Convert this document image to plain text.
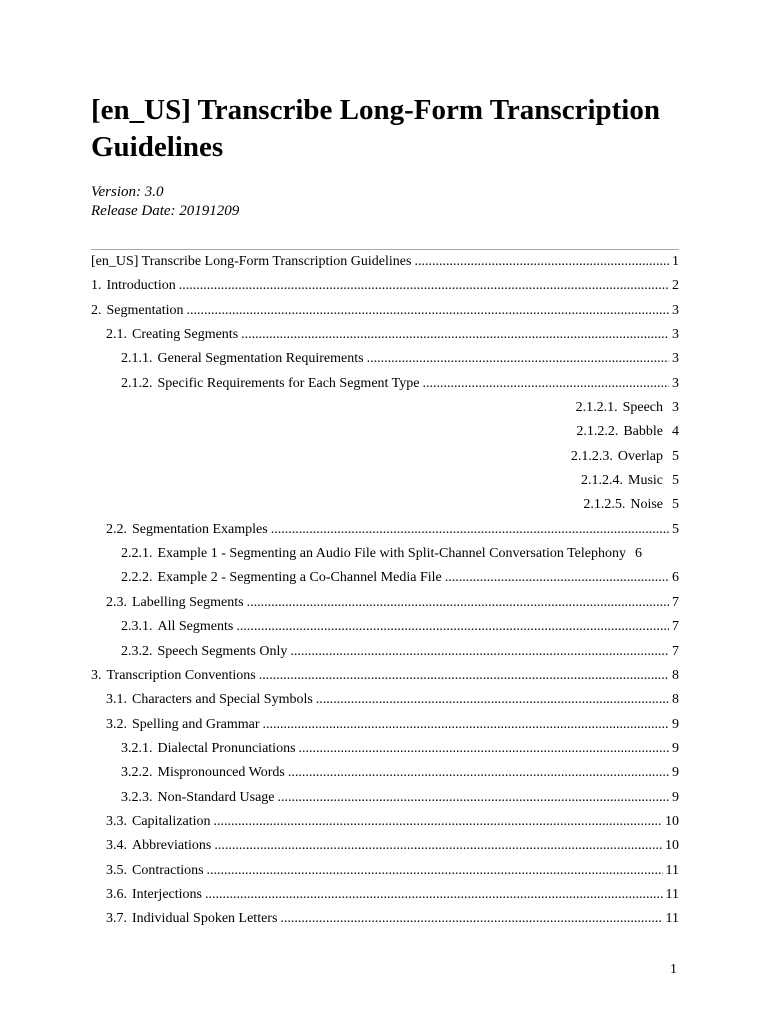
[en_US] Transcribe Long-Form Transcription Guidelines
Version: 3.0
Release Date: 20191209
[en_US] Transcribe Long-Form Transcription Guidelines .....	1
1. Introduction .....	2
2. Segmentation .....	3
2.1. Creating Segments .....	3
2.1.1. General Segmentation Requirements .....	3
2.1.2. Specific Requirements for Each Segment Type .....	3
2.1.2.1. Speech 3
2.1.2.2. Babble 4
2.1.2.3. Overlap 5
2.1.2.4. Music 5
2.1.2.5. Noise 5
2.2. Segmentation Examples .....	5
2.2.1. Example 1 - Segmenting an Audio File with Split-Channel Conversation Telephony 6
2.2.2. Example 2 - Segmenting a Co-Channel Media File .....	6
2.3. Labelling Segments .....	7
2.3.1. All Segments .....	7
2.3.2. Speech Segments Only .....	7
3. Transcription Conventions .....	8
3.1. Characters and Special Symbols .....	8
3.2. Spelling and Grammar .....	9
3.2.1. Dialectal Pronunciations .....	9
3.2.2. Mispronounced Words .....	9
3.2.3. Non-Standard Usage .....	9
3.3. Capitalization .....	10
3.4. Abbreviations .....	10
3.5. Contractions .....	11
3.6. Interjections .....	11
3.7. Individual Spoken Letters .....	11
1
